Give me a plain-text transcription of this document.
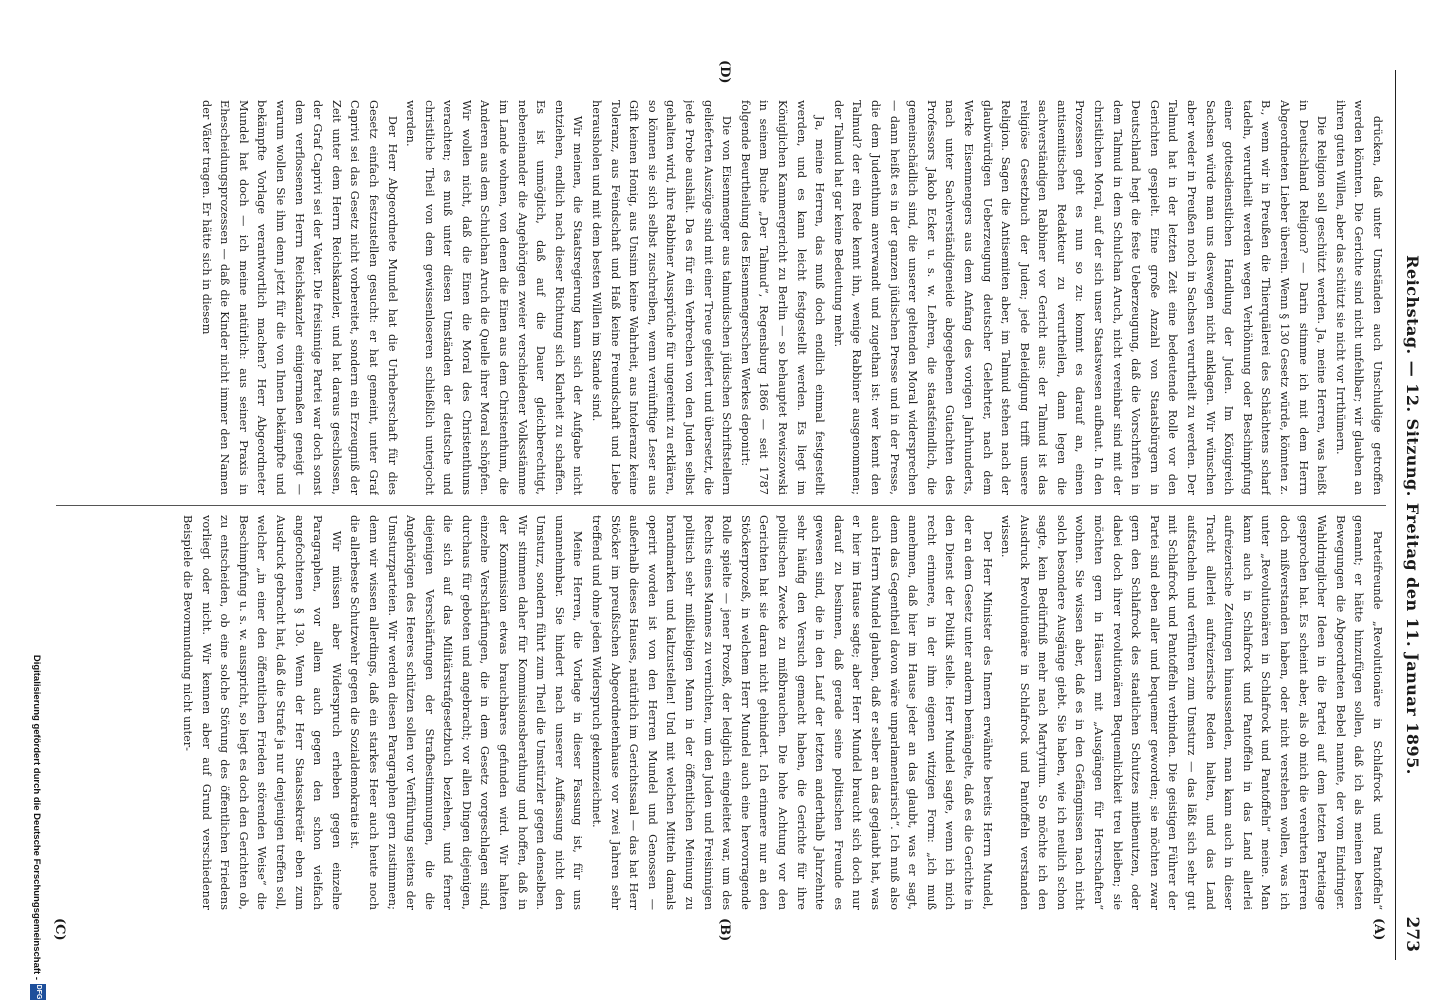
Reichstag. — 12. Sitzung. Freitag den 11. Januar 1895.
273
(A)
(B)
(C)
(D)

Parteifreunde „Revolutionäre in Schlafrock und Pantoffeln“ genannt; er hätte hinzufügen sollen, daß ich als meinen besten Bewegungen die Abgeordneten Bebel nannte, der vom Eindringer. Wahldringlicher Ideen in die Partei auf dem letzten Parteitage gesprochen hat. Es scheint aber, als ob mich die verehrten Herren doch mißverstanden haben, oder nicht verstehen wollen, was ich unter „Revolutionären in Schlafrock und Pantoffeln“ meine. Man kann auch in Schlafrock und Pantoffeln in das Land allerlei aufreizerische Zeitungen hinaussenden, man kann auch in dieser Tracht allerlei aufreizerische Reden halten, und das Land aufstacheln und verführen zum Umsturz — das läßt sich sehr gut mit Schlafrock und Pantoffeln verbinden. Die geistigen Führer der Partei sind eben aller und bequemer geworden; sie möchten zwar gern den Schlafrock des staatlichen Schutzes mitbenutzen, oder dabei doch ihrer revolutionären Bequemlichkeit treu bleiben; sie möchten gern in Häusern mit „Ausgängen für Herrschaften“ wohnen. Sie wissen aber, daß es in den Gefängnissen nach nicht solch besondere Ausgänge giebt. Sie haben, wie ich neulich schon sagte, kein Bedürfniß mehr nach Martyrium. So möchte ich den Ausdruck Revolutionäre in Schlafrock und Pantoffeln verstanden wissen.

Der Herr Minister des Innern erwähnte bereits Herrn Mundel, der an dem Gesetz unter anderm bemängelte, daß es die Gerichte in den Dienst der Politik stelle. Herr Mundel sagte, wenn ich mich recht erinnere, in der ihm eigenen witzigen Form: „ich muß annehmen, daß hier im Hause jeder an das glaubt, was er sagt, denn das Gegentheil davon wäre unparlamentarisch“. Ich muß also auch Herrn Mundel glauben, daß er selber an das geglaubt hat, was er hier im Hause sagte; aber Herr Mundel braucht sich doch nur darauf zu besinnen, daß gerade seine politischen Freunde es gewesen sind, die in den Lauf der letzten anderthalb Jahrzehnte sehr häufig den Versuch gemacht haben, die Gerichte für ihre politischen Zwecke zu mißbrauchen. Die hohe Achtung vor den Gerichten hat sie daran nicht gehindert. Ich erinnere nur an den Stöckerprozeß, in welchem Herr Mundel auch eine hervorragende Rolle spielte — jener Prozeß, der lediglich eingeleitet war, um des Rechts eines Mannes zu vernichten, um den Juden und Freisinnigen politisch sehr mißliebigen Mann in der öffentlichen Meinung zu brandmarken und kaltzustellen! Und mit welchen Mitteln damals operirt worden ist von den Herren Mundel und Genossen — außerhalb dieses Hauses, natürlich im Gerichtssaal — das hat Herr Stöcker im preußischen Abgeordnetenhause vor zwei Jahren sehr treffend und ohne jeden Widerspruch gekennzeichnet.

Meine Herren, die Vorlage in dieser Fassung ist, für uns unannehmbar. Sie hindert nach unserer Auffassung nicht den Umsturz, sondern führt zum Theil die Umstürzler gegen denselben. Wir stimmen daher für Kommissionsberathung und hoffen, daß in der Kommission etwas brauchbares gefunden wird. Wir halten einzelne Verschärfungen, die in dem Gesetz vorgeschlagen sind, durchaus für geboten und angebracht; vor allen Dingen diejenigen, die sich auf das Militärstrafgesetzbuch beziehen, und ferner diejenigen Verschärfungen der Strafbestimmungen, die die Angehörigen des Heeres schützen sollen vor Verführung seitens der Umsturzparteien. Wir werden diesen Paragraphen gern zustimmen; denn wir wissen allerdings, daß ein starkes Heer auch heute noch die allerbeste Schutzwehr gegen die Sozialdemokratie ist.

Wir müssen aber Widerspruch erheben gegen einzelne Paragraphen, vor allem auch gegen den schon vielfach angefochtenen § 130. Wenn der Herr Staatssekretär eben zum Ausdruck gebracht hat, daß die Strafe ja nur denjenigen treffen soll, welcher „in einer den öffentlichen Frieden störenden Weise“ die Beschimpfung u. s. w. ausspricht, so liegt es doch den Gerichten ob, zu entscheiden, ob eine solche Störung des öffentlichen Friedens vorliegt oder nicht. Wir kennen aber auf Grund verschiedener Beispiele die Bevormundung nicht unter-

drücken, daß unter Umständen auch Unschuldige getroffen werden könnten. Die Gerichte sind nicht unfehlbar; wir glauben an ihren guten Willen, aber das schützt sie nicht vor Irrthümern.

Die Religion soll geschützt werden. Ja, meine Herren, was heißt in Deutschland Religion? — Darin stimme ich mit dem Herrn Abgeordneten Lieber überein. Wenn § 130 Gesetz würde, könnten z. B., wenn wir in Preußen die Thierquälerei des Schächtens scharf tadeln, verurtheilt werden wegen Verhöhnung oder Beschimpfung einer gottesdienstlichen Handlung der Juden. Im Königreich Sachsen würde man uns deswegen nicht anklagen. Wir wünschen aber weder in Preußen noch in Sachsen verurtheilt zu werden. Der Talmud hat in der letzten Zeit eine bedeutende Rolle vor den Gerichten gespielt. Eine große Anzahl von Staatsbürgern in Deutschland hegt die feste Ueberzeugung, daß die Vorschriften in dem Talmud in dem Schulchan Aruch, nicht vereinbar sind mit der christlichen Moral, auf der sich unser Staatswesen aufbaut. In den Prozessen geht es nun so zu: kommt es darauf an, einen antisemitischen Redakteur zu verurtheilen, dann legen die sachverständigen Rabbiner vor Gericht aus: der Talmud ist das religiöse Gesetzbuch der Juden; jede Beleidigung trifft unsere Religion. Sagen die Antisemiten aber, im Talmud stehen nach der glaubwürdigen Ueberzeugung deutscher Gelehrter, nach dem Werke Eisenmengers aus dem Anfang des vorigen Jahrhunderts, nach unter Sachverständigeneide abgegebenen Gutachten des Professors Jakob Ecker u. s. w. Lehren, die staatsfeindlich, die gemeinschädlich sind, die unserer geltenden Moral widersprechen — dann heißt es in der ganzen jüdischen Presse und in der Presse, die dem Judenthum anverwandt und zugethan ist: wer kennt den Talmud? der ein Rede kennt ihn, wenige Rabbiner ausgenommen; der Talmud hat gar keine Bedeutung mehr.

Ja, meine Herren, das muß doch endlich einmal festgestellt werden, und es kann leicht festgestellt werden. Es liegt im Königlichen Kammergericht zu Berlin — so behauptet Rewiszowski in seinem Buche „Der Talmud“, Regensburg 1866 — seit 1787 folgende Beurtheilung des Eisenmengerschen Werkes deponirt:

Die von Eisenmenger aus talmudischen jüdischen Schriftstellern gelieferten Auszüge sind mit einer Treue geliefert und übersetzt, die jede Probe aushält. Da es für ein Verbrechen von den Juden selbst gehalten wird, ihre Rabbiner Aussprüche für ungereimt zu erklären, so können sie sich selbst zuschreiben, wenn vernünftige Leser aus Gift keinen Honig, aus Unsinn keine Wahrheit, aus Intoleranz keine Toleranz, aus Feindschaft und Haß keine Freundschaft und Liebe herausholen und mit dem besten Willen im Stande sind.

Wir meinen, die Staatsregierung kann sich der Aufgabe nicht entziehen, endlich nach dieser Richtung sich Klarheit zu schaffen. Es ist unmöglich, daß auf die Dauer gleichberechtigt, nebeneinander die Angehörigen zweier verschiedener Volksstämme im Lande wohnen, von denen die Einen aus dem Christenthum, die Anderen aus dem Schulchan Aruch die Quelle ihrer Moral schöpfen. Wir wollen nicht, daß die Einen die Moral des Christenthums verachten; es muß unter diesen Umständen der deutsche und christliche Theil von dem gewissenloseren schließlich unterjocht werden.

Der Herr Abgeordnete Mundel hat die Urheberschaft für dies Gesetz einfach festzustellen gesucht: er hat gemeint, unter Graf Caprivi sei das Gesetz nicht vorbereitet, sondern ein Erzeugniß der Zeit unter dem Herrn Reichskanzler, und hat daraus geschlossen, der Graf Caprivi sei der Vater. Die freisinnige Partei war doch sonst dem verflossenen Herrn Reichskanzler einigermaßen geneigt — warum wollen Sie ihm denn jetzt für die von Ihnen bekämpfte und bekämpfte Vorlage verantwortlich machen? Herr Abgeordneter Mundel hat doch — ich meine natürlich: aus seiner Praxis in Ehescheidungsprozessen — daß die Kinder nicht immer den Namen der Väter tragen. Er hätte sich in diesem

Digitalisierung gefördert durch die Deutsche Forschungsgemeinschaft -
DFG
